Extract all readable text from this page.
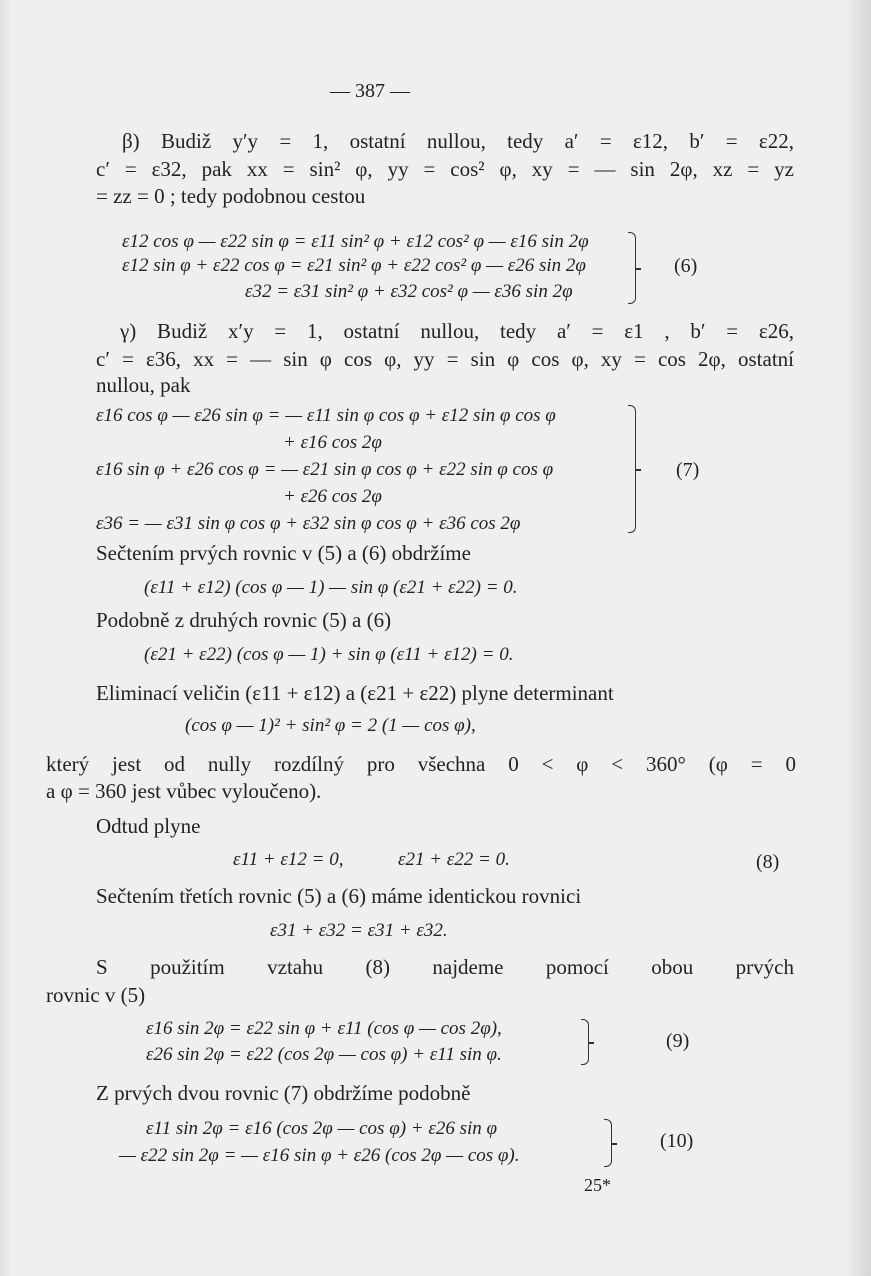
— 387 —
β) Budiž y′y = 1, ostatní nullou, tedy a′ = ε12, b′ = ε22,
c′ = ε32, pak xx = sin² φ, yy = cos² φ, xy = — sin 2φ, xz = yz
= zz = 0 ; tedy podobnou cestou
ε12 cos φ — ε22 sin φ = ε11 sin² φ + ε12 cos² φ — ε16 sin 2φ
ε12 sin φ + ε22 cos φ = ε21 sin² φ + ε22 cos² φ — ε26 sin 2φ
ε32 = ε31 sin² φ + ε32 cos² φ — ε36 sin 2φ
(6)
γ) Budiž x′y = 1, ostatní nullou, tedy a′ = ε1 , b′ = ε26,
c′ = ε36, xx = — sin φ cos φ, yy = sin φ cos φ, xy = cos 2φ, ostatní
nullou, pak
ε16 cos φ — ε26 sin φ = — ε11 sin φ cos φ + ε12 sin φ cos φ
+ ε16 cos 2φ
ε16 sin φ + ε26 cos φ = — ε21 sin φ cos φ + ε22 sin φ cos φ
+ ε26 cos 2φ
ε36 = — ε31 sin φ cos φ + ε32 sin φ cos φ + ε36 cos 2φ
(7)
Sečtením prvých rovnic v (5) a (6) obdržíme
(ε11 + ε12) (cos φ — 1) — sin φ (ε21 + ε22) = 0.
Podobně z druhých rovnic (5) a (6)
(ε21 + ε22) (cos φ — 1) + sin φ (ε11 + ε12) = 0.
Eliminací veličin (ε11 + ε12) a (ε21 + ε22) plyne determinant
(cos φ — 1)² + sin² φ = 2 (1 — cos φ),
který jest od nully rozdílný pro všechna 0 < φ < 360° (φ = 0
a φ = 360 jest vůbec vyloučeno).
Odtud plyne
ε11 + ε12 = 0,	ε21 + ε22 = 0.	(8)
Sečtením třetích rovnic (5) a (6) máme identickou rovnici
ε31 + ε32 = ε31 + ε32.
S použitím vztahu (8) najdeme pomocí obou prvých
rovnic v (5)
ε16 sin 2φ = ε22 sin φ + ε11 (cos φ — cos 2φ),
ε26 sin 2φ = ε22 (cos 2φ — cos φ) + ε11 sin φ.
(9)
Z prvých dvou rovnic (7) obdržíme podobně
ε11 sin 2φ = ε16 (cos 2φ — cos φ) + ε26 sin φ
— ε22 sin 2φ = — ε16 sin φ + ε26 (cos 2φ — cos φ).
(10)
25*
